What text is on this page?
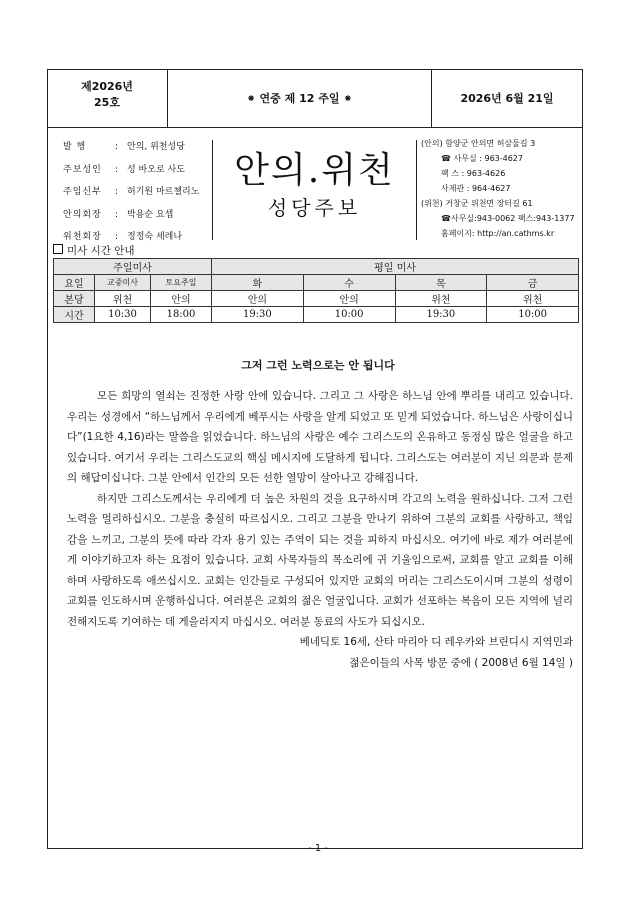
제2026년
25호	⁕ 연중 제 12 주일 ⁕	2026년 6월 21일
발 행	: 안의, 위천성당
주보성인	: 성 바오로 사도
주임신부	: 허기원 마르첼리노
안의회장	: 박용순 요셉
위천회장	: 정정숙 세레나
안의.위천
성당주보
(안의) 함양군 안의면 허삼둘길 3
☎ 사무실 : 963-4627
팩 스 : 963-4626
사제관 : 964-4627
(위천) 거창군 위천면 장터길 61
☎사무실:943-0062 팩스:943-1377
홈페이지: http://an.cathms.kr
미사 시간 안내
주일미사			평일 미사			
요일	교중미사	토요주일	화	수	목	금
본당	위천	안의	안의	안의	위천	위천
시간	10:30	18:00	19:30	10:00	19:30	10:00
그저 그런 노력으로는 안 됩니다

모든 희망의 열쇠는 진정한 사랑 안에 있습니다. 그리고 그 사랑은 하느님 안에 뿌리를 내리고 있습니다. 우리는 성경에서 “하느님께서 우리에게 베푸시는 사랑을 알게 되었고 또 믿게 되었습니다. 하느님은 사랑이십니다”(1요한 4,16)라는 말씀을 읽었습니다. 하느님의 사랑은 예수 그리스도의 온유하고 동정심 많은 얼굴을 하고 있습니다. 여기서 우리는 그리스도교의 핵심 메시지에 도달하게 됩니다. 그리스도는 여러분이 지닌 의문과 문제의 해답이십니다. 그분 안에서 인간의 모든 선한 열망이 살아나고 강해집니다.

하지만 그리스도께서는 우리에게 더 높은 차원의 것을 요구하시며 각고의 노력을 원하십니다. 그저 그런 노력을 멀리하십시오. 그분을 충실히 따르십시오. 그리고 그분을 만나기 위하여 그분의 교회를 사랑하고, 책임감을 느끼고, 그분의 뜻에 따라 각자 용기 있는 주역이 되는 것을 피하지 마십시오. 여기에 바로 제가 여러분에게 이야기하고자 하는 요점이 있습니다. 교회 사목자들의 목소리에 귀 기울임으로써, 교회를 알고 교회를 이해하며 사랑하도록 애쓰십시오. 교회는 인간들로 구성되어 있지만 교회의 머리는 그리스도이시며 그분의 성령이 교회를 인도하시며 운행하십니다. 여러분은 교회의 젊은 얼굴입니다. 교회가 선포하는 복음이 모든 지역에 널리 전해지도록 기여하는 데 게을러지지 마십시오. 여러분 동료의 사도가 되십시오.

베네딕토 16세, 산타 마리아 디 레우카와 브린디시 지역민과
젊은이들의 사목 방문 중에 ( 2008년 6월 14일 )
- 1 -
